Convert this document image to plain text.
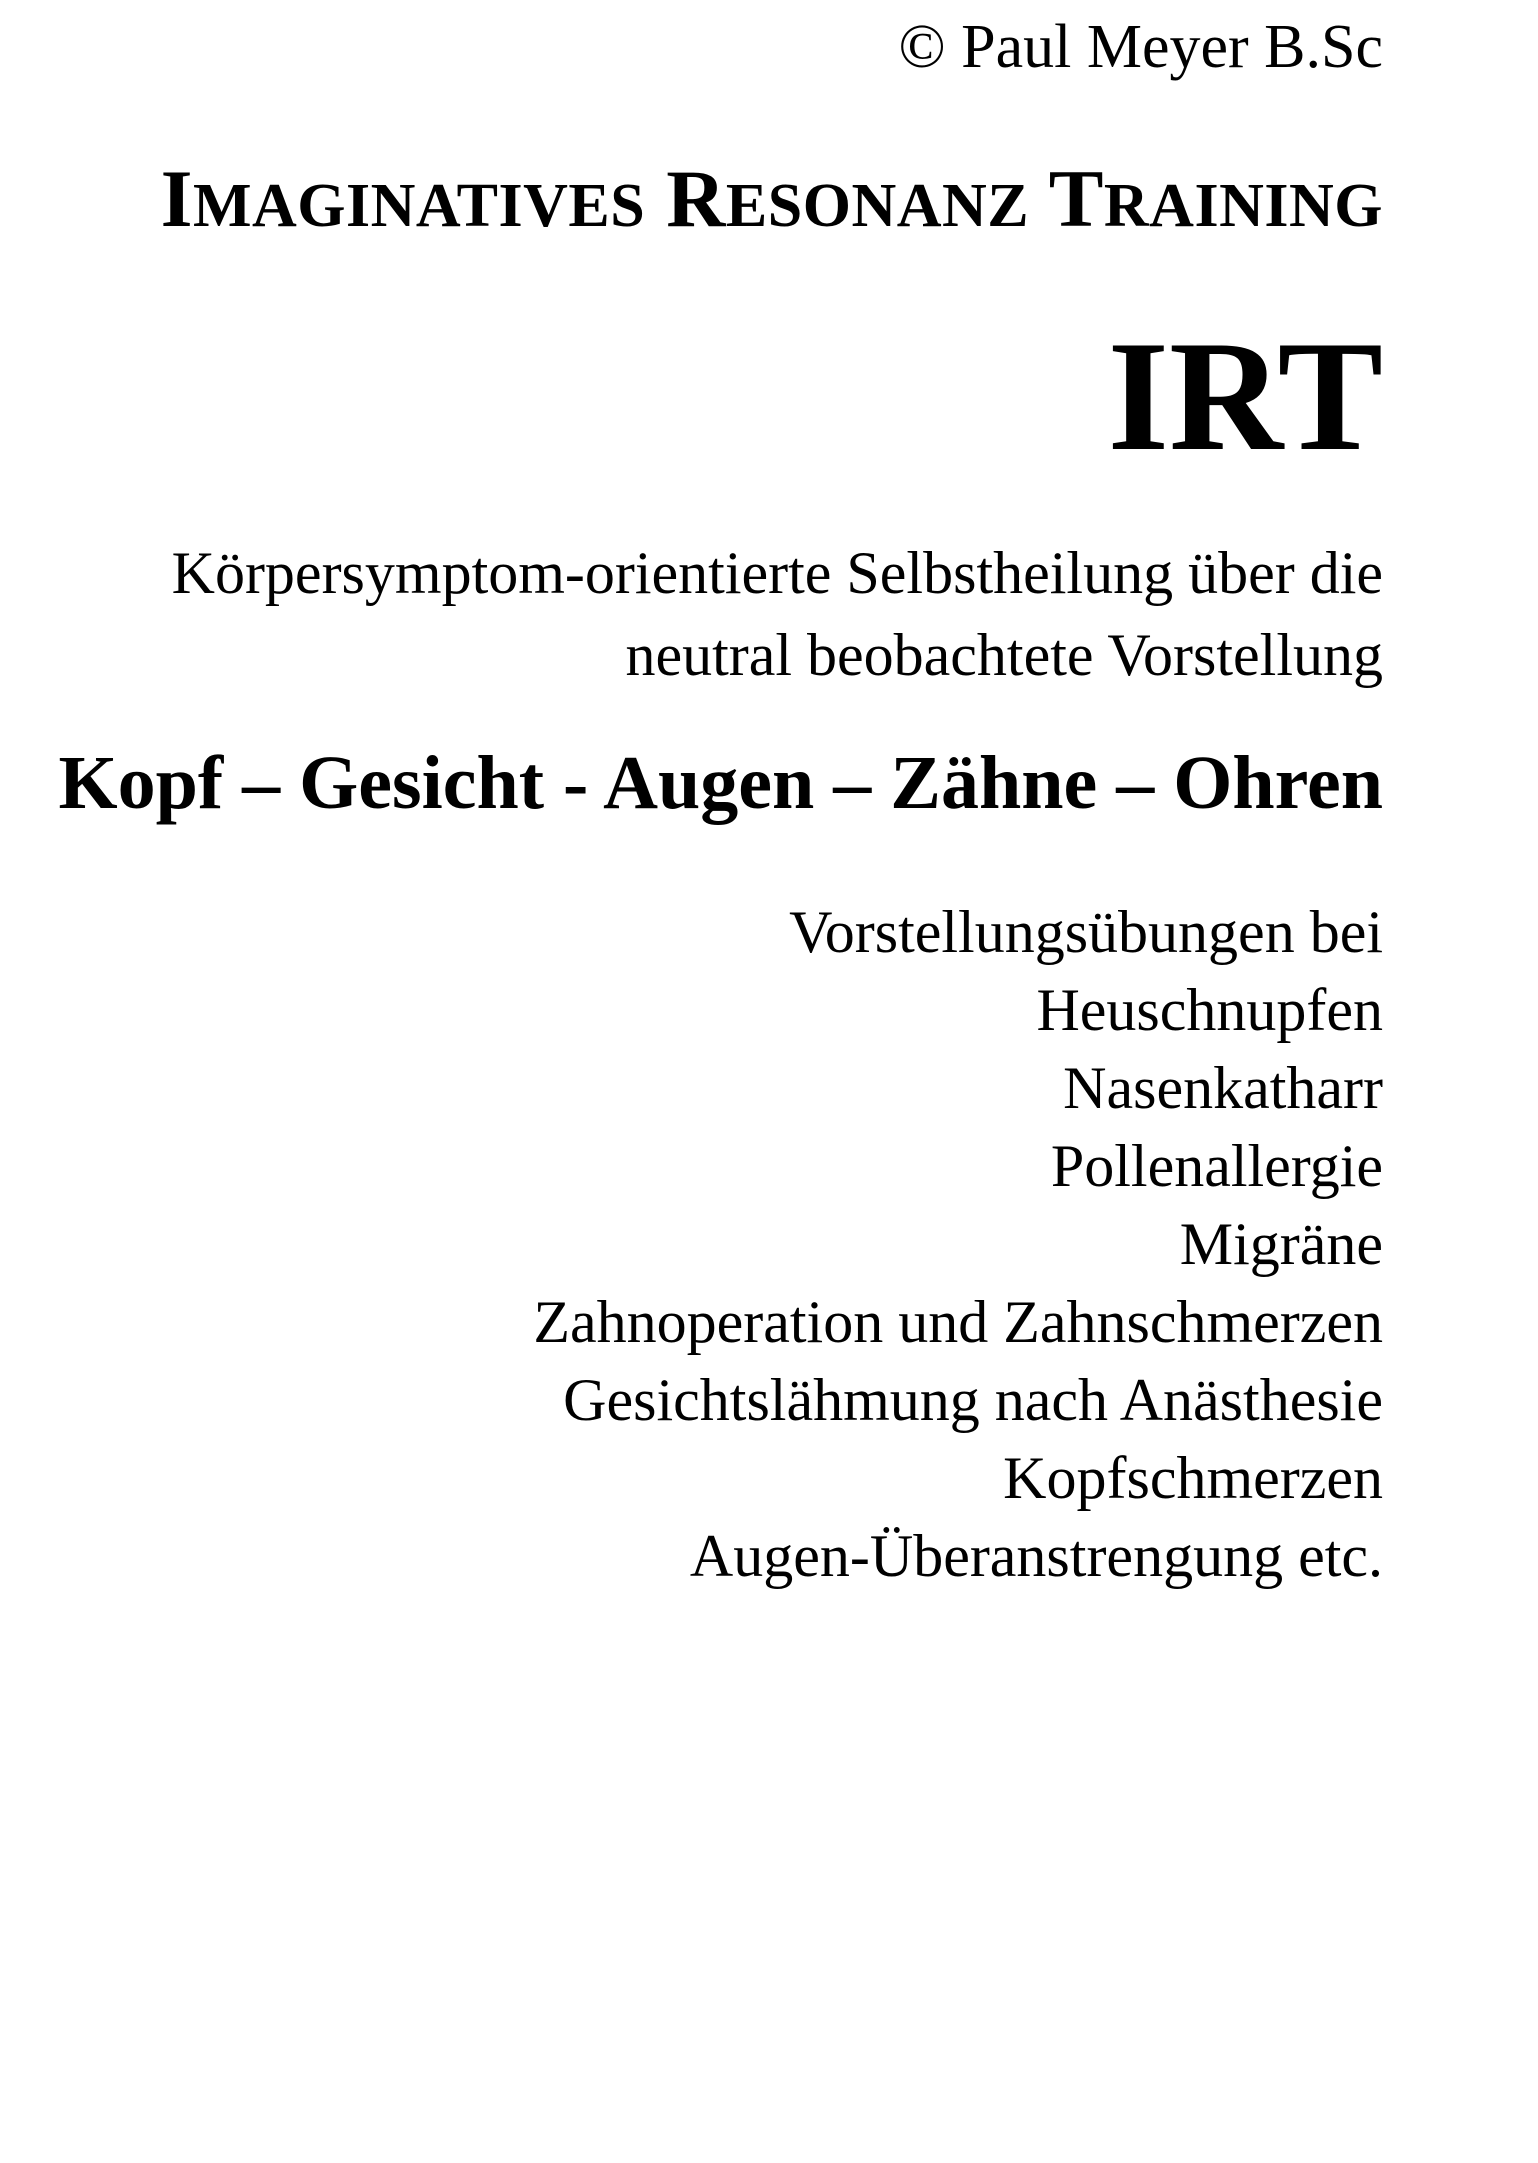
© Paul Meyer B.Sc
IMAGINATIVES RESONANZ TRAINING
IRT
Körpersymptom-orientierte Selbstheilung über die
neutral beobachtete Vorstellung
Kopf – Gesicht - Augen – Zähne – Ohren
Vorstellungsübungen bei
Heuschnupfen
Nasenkatharr
Pollenallergie
Migräne
Zahnoperation und Zahnschmerzen
Gesichtslähmung nach Anästhesie
Kopfschmerzen
Augen-Überanstrengung etc.
